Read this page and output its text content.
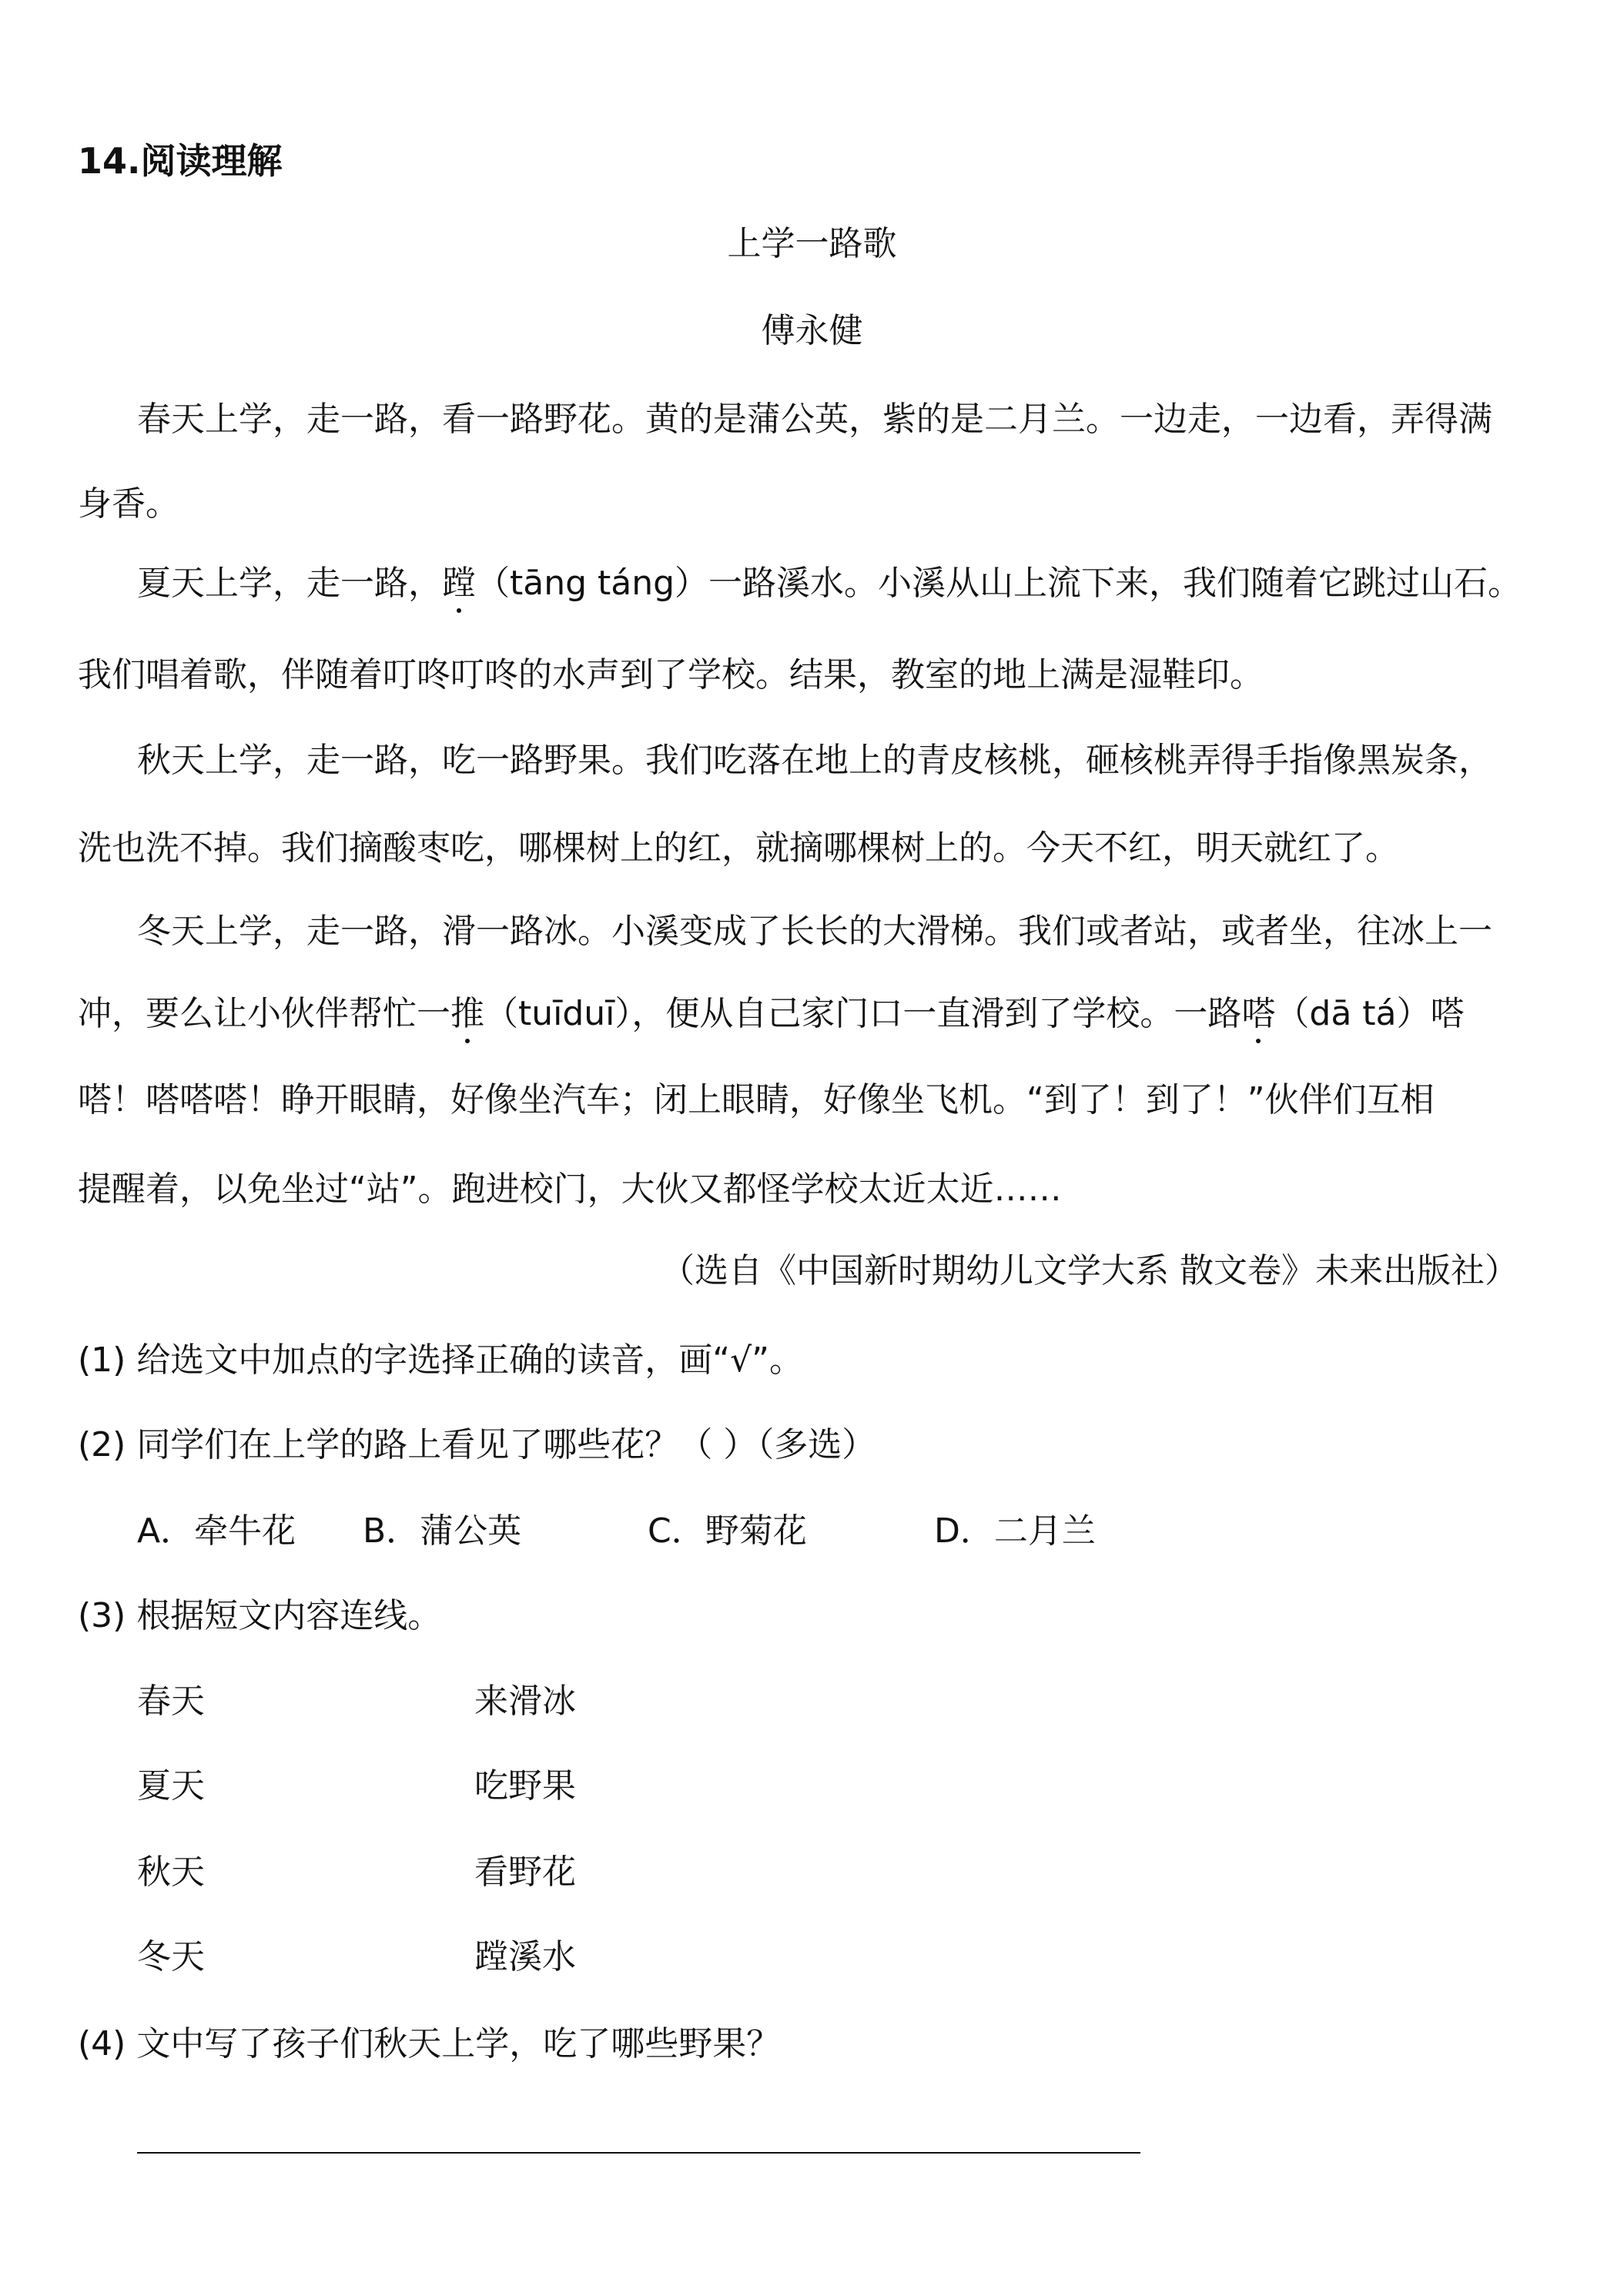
14.阅读理解
上学一路歌
傅永健
春天上学，走一路，看一路野花。黄的是蒲公英，紫的是二月兰。一边走，一边看，弄得满
身香。
夏天上学，走一路，蹚（tāng táng）一路溪水。小溪从山上流下来，我们随着它跳过山石。
我们唱着歌，伴随着叮咚叮咚的水声到了学校。结果，教室的地上满是湿鞋印。
秋天上学，走一路，吃一路野果。我们吃落在地上的青皮核桃，砸核桃弄得手指像黑炭条，
洗也洗不掉。我们摘酸枣吃，哪棵树上的红，就摘哪棵树上的。今天不红，明天就红了。
冬天上学，走一路，滑一路冰。小溪变成了长长的大滑梯。我们或者站，或者坐，往冰上一
冲，要么让小伙伴帮忙一推（tuīduī），便从自己家门口一直滑到了学校。一路嗒（dā tá）嗒
嗒！嗒嗒嗒！睁开眼睛，好像坐汽车；闭上眼睛，好像坐飞机。“到了！到了！”伙伴们互相
提醒着，以免坐过“站”。跑进校门，大伙又都怪学校太近太近……
（选自《中国新时期幼儿文学大系 散文卷》未来出版社）
(1) 给选文中加点的字选择正确的读音，画“√”。
(2) 同学们在上学的路上看见了哪些花？（ ）（多选）
A．牵牛花 B．蒲公英	C．野菊花	D．二月兰
(3) 根据短文内容连线。
春天	来滑冰
夏天	吃野果
秋天	看野花
冬天	蹚溪水
(4) 文中写了孩子们秋天上学，吃了哪些野果？
